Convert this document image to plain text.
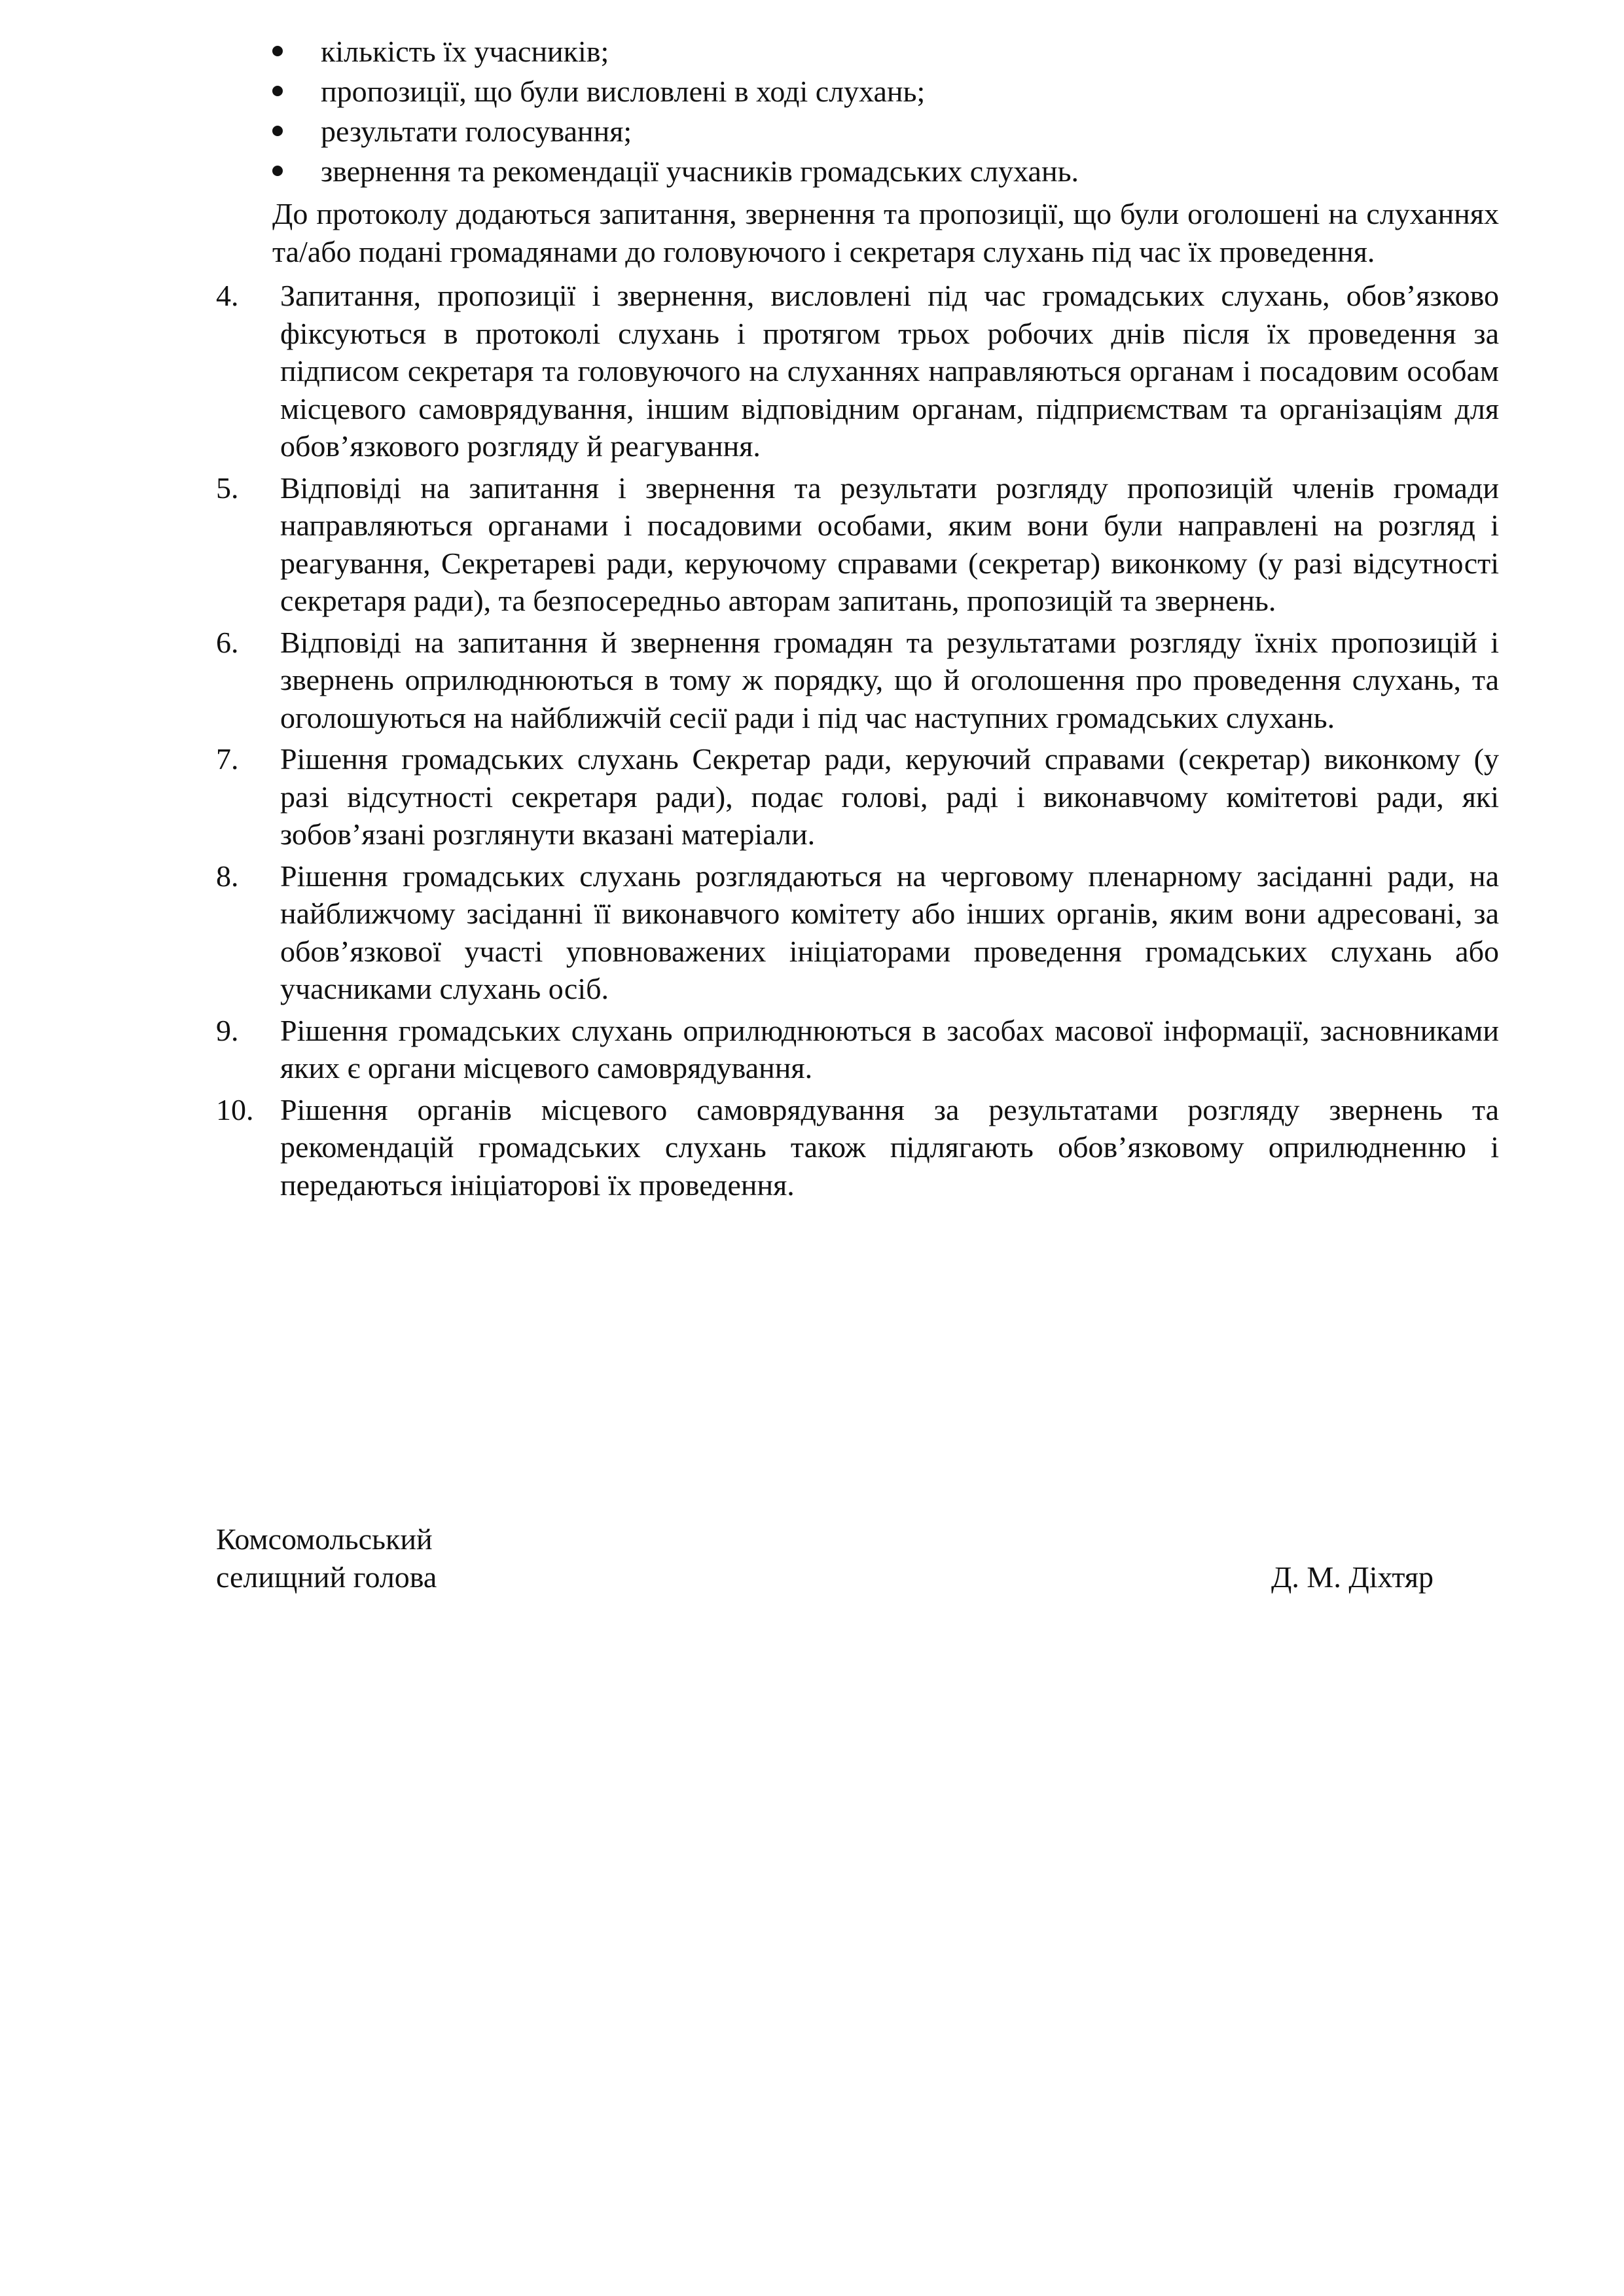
кількість їх учасників;
пропозиції, що були висловлені в ході слухань;
результати голосування;
звернення та рекомендації учасників громадських слухань.

До протоколу додаються запитання, звернення та пропозиції, що були оголошені на слуханнях та/або подані громадянами до головуючого і секретаря слухань під час їх проведення.

4. Запитання, пропозиції і звернення, висловлені під час громадських слухань, обов’язково фіксуються в протоколі слухань і протягом трьох робочих днів після їх проведення за підписом секретаря та головуючого на слуханнях направляються органам і посадовим особам місцевого самоврядування, іншим відповідним органам, підприємствам та організаціям для обов’язкового розгляду й реагування.
5. Відповіді на запитання і звернення та результати розгляду пропозицій членів громади направляються органами і посадовими особами, яким вони були направлені на розгляд і реагування, Секретареві ради, керуючому справами (секретар) виконкому (у разі відсутності секретаря ради), та безпосередньо авторам запитань, пропозицій та звернень.
6. Відповіді на запитання й звернення громадян та результатами розгляду їхніх пропозицій і звернень оприлюднюються в тому ж порядку, що й оголошення про проведення слухань, та оголошуються на найближчій сесії ради і під час наступних громадських слухань.
7. Рішення громадських слухань Секретар ради, керуючий справами (секретар) виконкому (у разі відсутності секретаря ради), подає голові, раді і виконавчому комітетові ради, які зобов’язані розглянути вказані матеріали.
8. Рішення громадських слухань розглядаються на черговому пленарному засіданні ради, на найближчому засіданні її виконавчого комітету або інших органів, яким вони адресовані, за обов’язкової участі уповноважених ініціаторами проведення громадських слухань або учасниками слухань осіб.
9. Рішення громадських слухань оприлюднюються в засобах масової інформації, засновниками яких є органи місцевого самоврядування.
10. Рішення органів місцевого самоврядування за результатами розгляду звернень та рекомендацій громадських слухань також підлягають обов’язковому оприлюдненню і передаються ініціаторові їх проведення.
Комсомольський
селищний голова	Д. М. Діхтяр
